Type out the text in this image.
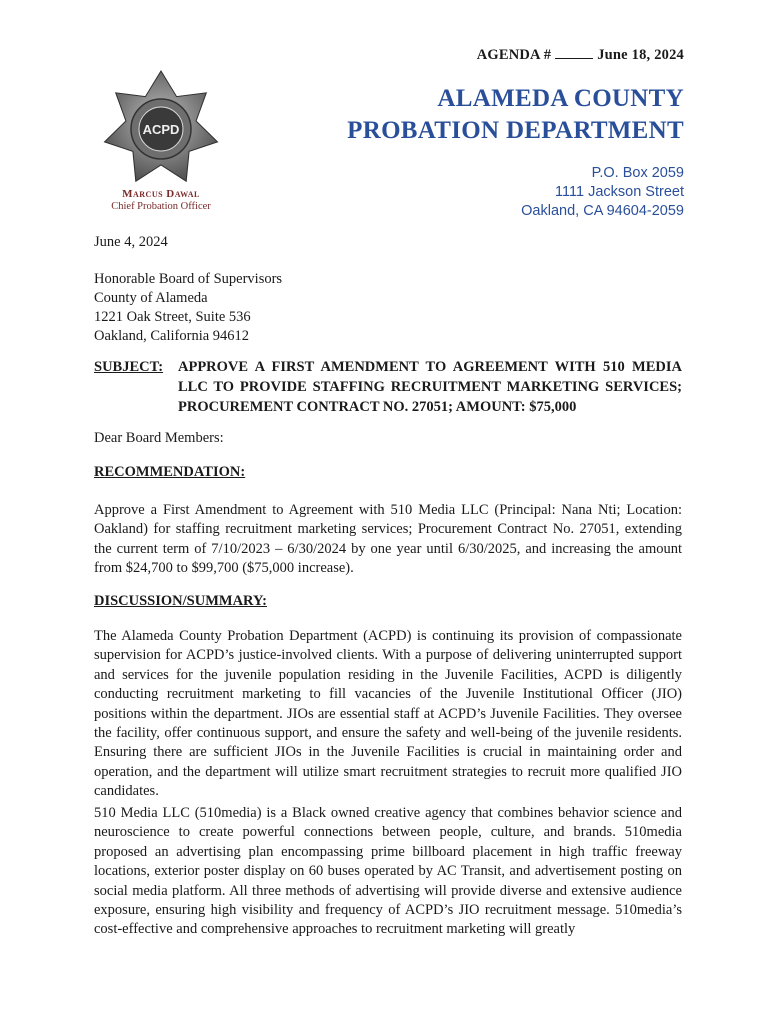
AGENDA #	June 18, 2024
ACPD
Marcus Dawal
Chief Probation Officer
ALAMEDA COUNTY
PROBATION DEPARTMENT
P.O. Box 2059
1111 Jackson Street
Oakland, CA 94604-2059
June 4, 2024
Honorable Board of Supervisors
County of Alameda
1221 Oak Street, Suite 536
Oakland, California 94612
SUBJECT: APPROVE A FIRST AMENDMENT TO AGREEMENT WITH 510 MEDIA LLC TO PROVIDE STAFFING RECRUITMENT MARKETING SERVICES; PROCUREMENT CONTRACT NO. 27051; AMOUNT: $75,000
Dear Board Members:
RECOMMENDATION:
Approve a First Amendment to Agreement with 510 Media LLC (Principal: Nana Nti; Location: Oakland) for staffing recruitment marketing services; Procurement Contract No. 27051, extending the current term of 7/10/2023 – 6/30/2024 by one year until 6/30/2025, and increasing the amount from $24,700 to $99,700 ($75,000 increase).
DISCUSSION/SUMMARY:
The Alameda County Probation Department (ACPD) is continuing its provision of compassionate supervision for ACPD’s justice-involved clients. With a purpose of delivering uninterrupted support and services for the juvenile population residing in the Juvenile Facilities, ACPD is diligently conducting recruitment marketing to fill vacancies of the Juvenile Institutional Officer (JIO) positions within the department. JIOs are essential staff at ACPD’s Juvenile Facilities. They oversee the facility, offer continuous support, and ensure the safety and well-being of the juvenile residents. Ensuring there are sufficient JIOs in the Juvenile Facilities is crucial in maintaining order and operation, and the department will utilize smart recruitment strategies to recruit more qualified JIO candidates.
510 Media LLC (510media) is a Black owned creative agency that combines behavior science and neuroscience to create powerful connections between people, culture, and brands. 510media proposed an advertising plan encompassing prime billboard placement in high traffic freeway locations, exterior poster display on 60 buses operated by AC Transit, and advertisement posting on social media platform. All three methods of advertising will provide diverse and extensive audience exposure, ensuring high visibility and frequency of ACPD’s JIO recruitment message. 510media’s cost-effective and comprehensive approaches to recruitment marketing will greatly
